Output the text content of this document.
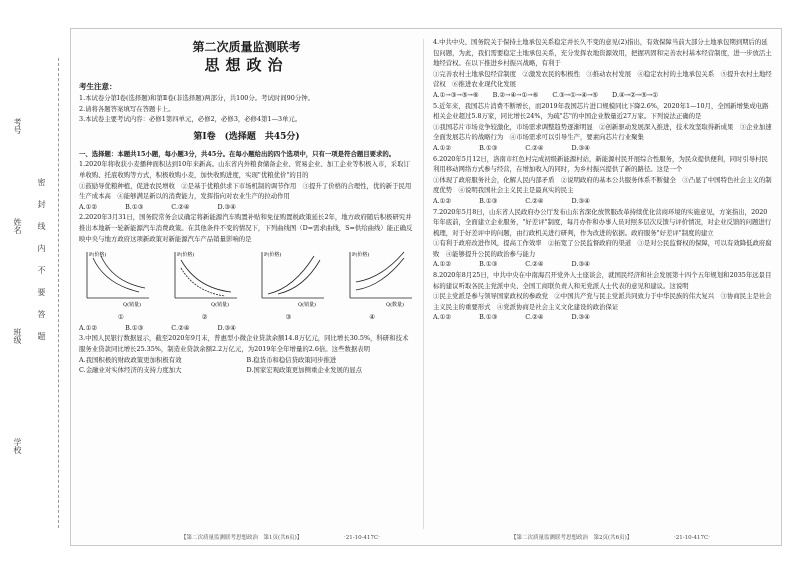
考号
姓名
班级
学校
密　封　线　内　不　要　答　题
第二次质量监测联考
思想政治
考生注意：

1.本试卷分第Ⅰ卷(选择题)和第Ⅱ卷(非选择题)两部分，共100分。考试时间90分钟。

2.请将各题答案填写在答题卡上。

3.本试卷主要考试内容：必修1第四单元，必修2，必修3，必修4第1—3单元。

第Ⅰ卷　(选择题　共45分)

一、选择题：本题共15小题，每小题3分，共45分。在每小题给出的四个选项中，只有一项是符合题目要求的。

1.2020年将收获小麦播种面积达到10年来新高。山东省内外粮食储备企业、贸易企业、加工企业等积极入市，采取订单收购、托底收购等方式，积极收购小麦，加快收购进度，实现"优粮优价"的目的

①鼓励导优粮种植，促进农民增收　②是基于优粮供求下市场机制的调节作用　③提升了价格的合理性，优的新于民用生产成本高　④能够满足新以的消费能力，发挥指向对农业生产的拉动作用

A.①②	B.①③	C.②④	D.③④

2.2020年3月31日，国务院常务会议确定将新能源汽车购置补贴和免征购置税政策延长2年，地方政府随后积极研究并推出本地新一轮新能源汽车消费政策。在其他条件不变的情况下，下列曲线图（D=需求曲线，S=供给曲线）能正确反映中央与地方政府这项新政策对新能源汽车产品销量影响的是

P(价格)
Q(销量)
P(价格)
Q(销量)
P(价格)
Q(销量)
P(价格)
Q(数量)
①	②	③	④
A.①②	B.①③	C.②④	D.③④

3.中国人民银行数据显示，截至2020年9月末，普惠型小微企业贷款余额14.8万亿元，同比增长30.5%，科研和技术服务业贷款同比增长25.35%，制造业贷款余额2.2万亿元，为2019年全年增量的2.6倍。这些数据表明

A.我国积极的财政政策更加积极有效	B.稳货币和稳信贷政策同步推进
C.金融业对实体经济的支持力度加大	D.国家宏观政策更加侧重企业发展的显点

4.中共中央、国务院关于保持土地承包关系稳定并长久不变的意见(2)指出，有效保障当前大部分土地承包期到期后的延包问题，为此，我们需要稳定土地承包关系，充分发挥农地资源效用，把握巩固和完善农村基本经营制度，进一步放活土地经营权。在以下推进乡村振兴战略，有利于

①完善农村土地承包经营制度　②激发农民的积极性　③推动农村发展　④稳定农村的土地承包关系　⑤提升农村土地经营权　⑥推进农业现代化发展

A.①→③→⑤→⑥ B.②→④→①→⑥ C.③→①→④→⑤ D.④→②→⑤→①

5.近年来，我国芯片消费不断增长，而2019年我国芯片进口规模同比下降2.6%，2020年1—10月，全国新增集成电路相关企业超过5.8万家，同比增长24%，为疏"芯"的中国企业数量近27万家。下列说法正确的是

①我国芯片市场竞争较激化，市场需求调整趋势逐渐明显　②创新驱动发展深入推进，技术攻坚取得新成果　③企业加速全面发展芯片的战略行为　④市场需求可以引导生产，要素向芯片行业聚集

A.①②	B.①③	C.②④	D.③④

6.2020年5月12日，洛南市红色村完成初级新能源村站，新能源村民开展综合性服务，为民众提供便利，同时引导村民利用移动网络方式参与经营，在增加收入的同时，为乡村振兴提供了新的路径。这是一个

①体现了政府服务社会，化解人民内部矛盾　②说明政府的基本公共服务体系不断健全　③凸显了中国特色社会主义的制度优势　④说明我国社会主义民主是最真实的民主

A.①②	B.①③	C.②④	D.③④

7.2020年5月8日，山东省人民政府办公厅发布山东省深化放管服改革持续优化营商环境的实施意见，方案指出，2020年年底前，全面建立企业服务，"好差评"制度，每月办件和办事人员对照多层次反馈与评价情况，对企业反馈的问题进行梳理，对于好差评中的问题，由行政机关进行研判，作为改进的依据。政府服务"好差评"制度的建立

①有利于政府改进作风，提高工作效率　②拓宽了公民监督政府的渠道　③是对公民监督权的保障，可以有效降低政府腐败　④能够提升公民的政治参与能力

A.①②	B.①③	C.②④	D.③④

8.2020年8月25日，中共中央在中南海召开党外人士座谈会，就国民经济和社会发展第十四个五年规划和2035年远景目标的建议听取各民主党派中央、全国工商联负责人和无党派人士代表的意见和建议。这说明

①民主党派是参与领导国家政权的参政党　②中国共产党与民主党派共同致力于中华民族的伟大复兴　③协商民主是社会主义民主的重要形式　④党派协商是社会主义文化建设的政治保证

A.①②	B.①③	C.②④	D.③④
【第二次质量监测联考思想政治　第1页(共6页)】	·21-10-417C·	【第二次质量监测联考思想政治　第2页(共6页)】	·21-10-417C·
